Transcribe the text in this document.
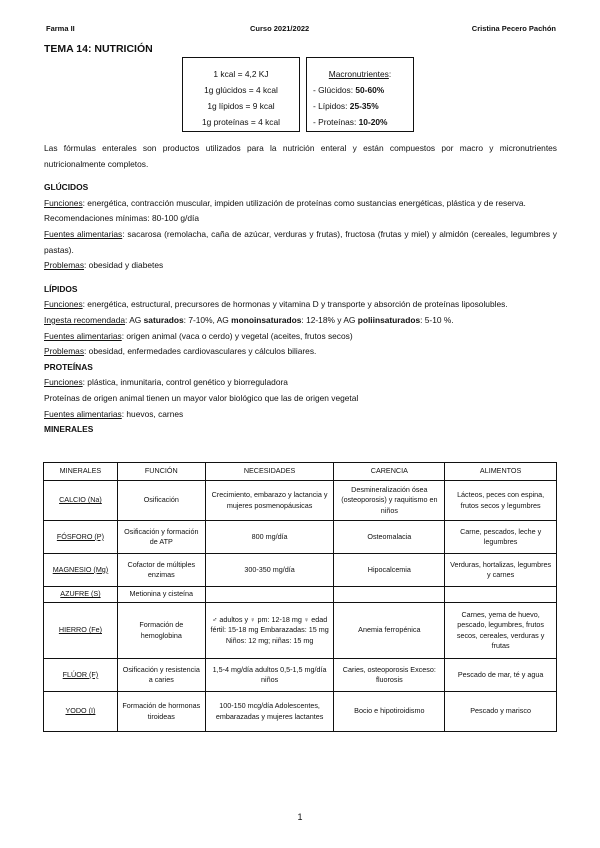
Farma II	Curso 2021/2022	Cristina Pecero Pachón
TEMA 14: NUTRICIÓN
1 kcal = 4,2 KJ
1g glúcidos = 4 kcal
1g lípidos = 9 kcal
1g proteínas = 4 kcal
Macronutrientes:
- Glúcidos: 50-60%
- Lípidos: 25-35%
- Proteínas: 10-20%

Las fórmulas enterales son productos utilizados para la nutrición enteral y están compuestos por macro y micronutrientes nutricionalmente completos.

GLÚCIDOS

Funciones: energética, contracción muscular, impiden utilización de proteínas como sustancias energéticas, plástica y de reserva.

Recomendaciones mínimas: 80-100 g/día

Fuentes alimentarias: sacarosa (remolacha, caña de azúcar, verduras y frutas), fructosa (frutas y miel) y almidón (cereales, legumbres y pastas).

Problemas: obesidad y diabetes

LÍPIDOS

Funciones: energética, estructural, precursores de hormonas y vitamina D y transporte y absorción de proteínas liposolubles.

Ingesta recomendada: AG saturados: 7-10%, AG monoinsaturados: 12-18% y AG poliinsaturados: 5-10 %.

Fuentes alimentarias: origen animal (vaca o cerdo) y vegetal (aceites, frutos secos)

Problemas: obesidad, enfermedades cardiovasculares y cálculos biliares.

PROTEÍNAS

Funciones: plástica, inmunitaria, control genético y biorreguladora

Proteínas de origen animal tienen un mayor valor biológico que las de origen vegetal

Fuentes alimentarias: huevos, carnes

MINERALES

MINERALES	FUNCIÓN	NECESIDADES	CARENCIA	ALIMENTOS
CALCIO (Na)	Osificación	Crecimiento, embarazo y lactancia y mujeres posmenopáusicas	Desmineralización ósea (osteoporosis) y raquitismo en niños	Lácteos, peces con espina, frutos secos y legumbres
FÓSFORO (P)	Osificación y formación de ATP	800 mg/día	Osteomalacia	Carne, pescados, leche y legumbres
MAGNESIO (Mg)	Cofactor de múltiples enzimas	300-350 mg/día	Hipocalcemia	Verduras, hortalizas, legumbres y carnes
AZUFRE (S)	Metionina y cisteína			
HIERRO (Fe)	Formación de hemoglobina	♂ adultos y ♀ pm: 12-18 mg ♀ edad fértil: 15-18 mg Embarazadas: 15 mg Niños: 12 mg; niñas: 15 mg	Anemia ferropénica	Carnes, yema de huevo, pescado, legumbres, frutos secos, cereales, verduras y frutas
FLÚOR (F)	Osificación y resistencia a caries	1,5-4 mg/día adultos 0,5-1,5 mg/día niños	Caries, osteoporosis Exceso: fluorosis	Pescado de mar, té y agua
YODO (I)	Formación de hormonas tiroideas	100-150 mcg/día Adolescentes, embarazadas y mujeres lactantes	Bocio e hipotiroidismo	Pescado y marisco
1
